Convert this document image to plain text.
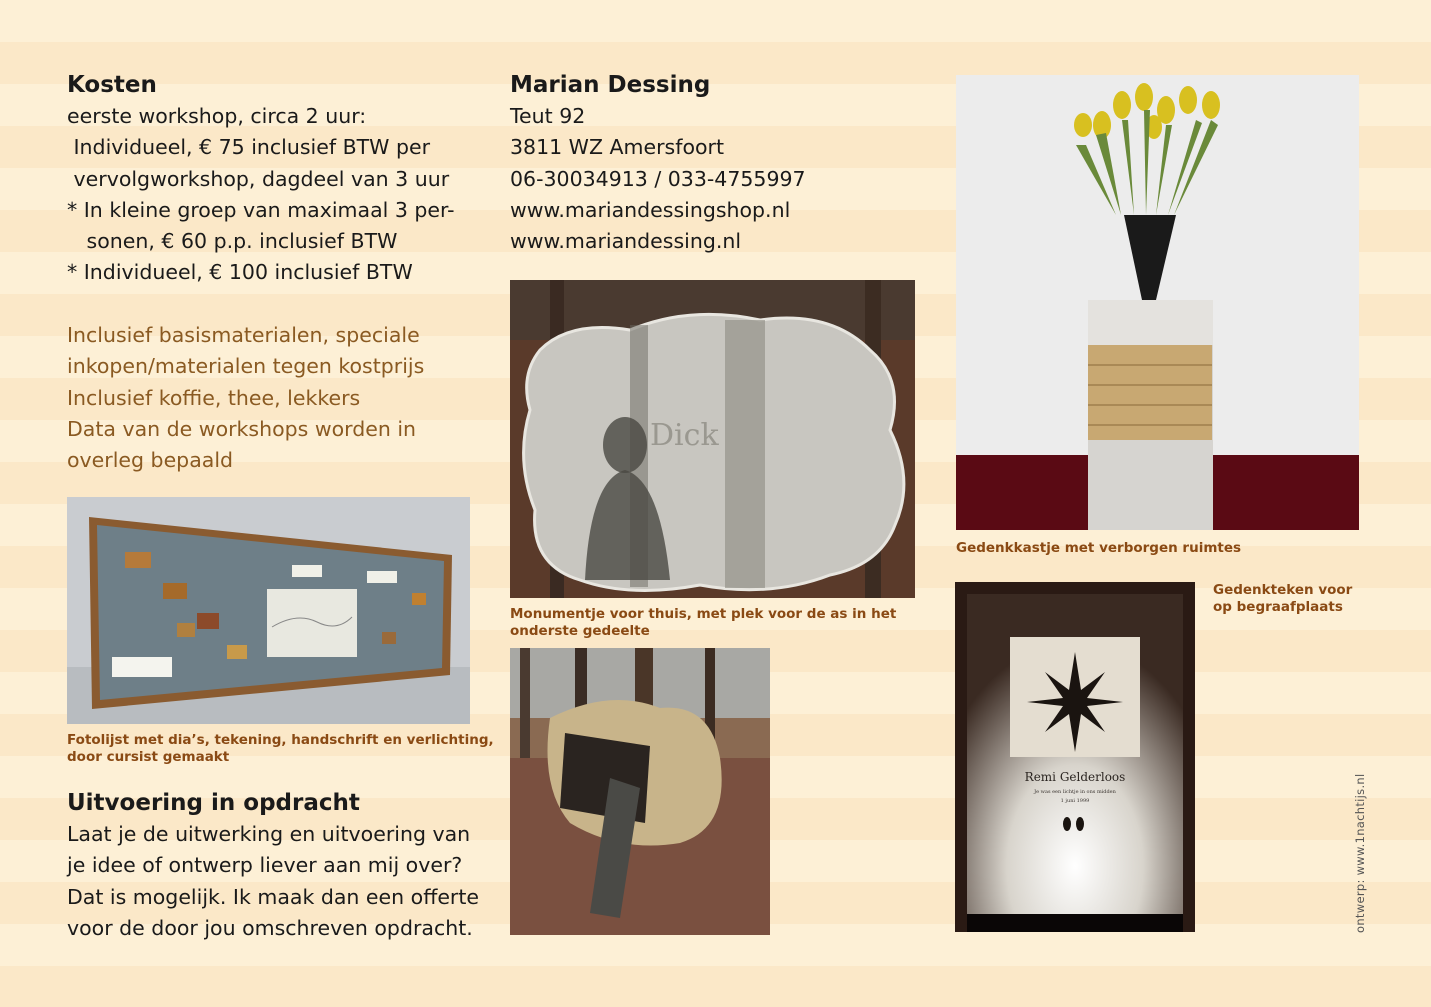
Kosten

eerste workshop, circa 2 uur:

Individueel, € 75 inclusief BTW per

vervolgworkshop, dagdeel van 3 uur

* In kleine groep van maximaal 3 per-

sonen, € 60 p.p. inclusief BTW

* Individueel, € 100 inclusief BTW

Inclusief basismaterialen, speciale

inkopen/materialen tegen kostprijs

Inclusief koffie, thee, lekkers

Data van de workshops worden in

overleg bepaald

Fotolijst met dia’s, tekening, handschrift en verlichting,
door cursist gemaakt

Uitvoering in opdracht

Laat je de uitwerking en uitvoering van

je idee of ontwerp liever aan mij over?

Dat is mogelijk. Ik maak dan een offerte

voor de door jou omschreven opdracht.

Marian Dessing

Teut 92

3811 WZ Amersfoort

06-30034913 / 033-4755997

www.mariandessingshop.nl

www.mariandessing.nl

Dick

Monumentje voor thuis, met plek voor de as in het
onderste gedeelte

Gedenkkastje met verborgen ruimtes

Remi Gelderloos
Je was een lichtje in ons midden
1 juni 1999

Gedenkteken voor
op begraafplaats

ontwerp: www.1nachtijs.nl
